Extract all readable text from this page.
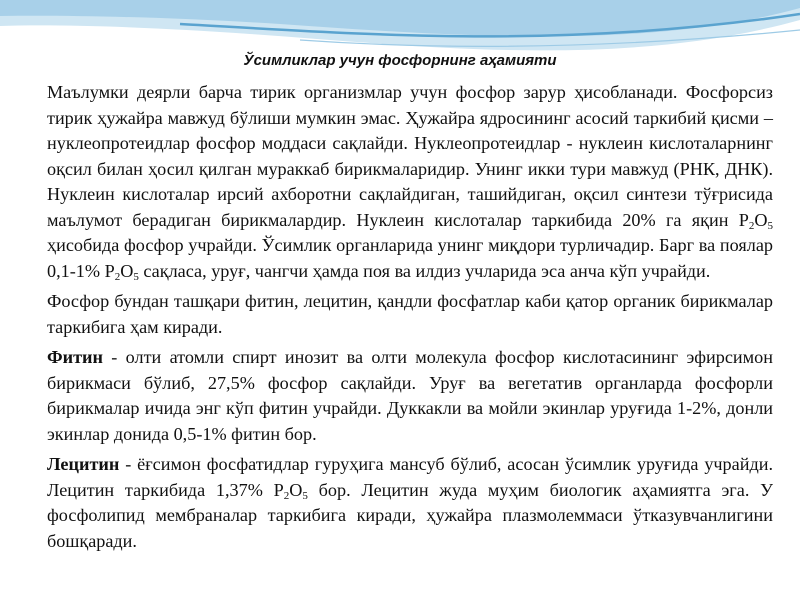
Ўсимликлар учун фосфорнинг аҳамияти

Маълумки деярли барча тирик организмлар учун фосфор зарур ҳисобланади. Фосфорсиз тирик ҳужайра мавжуд бўлиши мумкин эмас. Ҳужайра ядросининг асосий таркибий қисми – нуклеопротеидлар фосфор моддаси сақлайди. Нуклеопротеидлар - нуклеин кислоталарнинг оқсил билан ҳосил қилган мураккаб бирикмаларидир. Унинг икки тури мавжуд (РНК, ДНК). Нуклеин кислоталар ирсий ахборотни сақлайдиган, ташийдиган, оқсил синтези тўғрисида маълумот берадиган бирикмалардир. Нуклеин кислоталар таркибида 20% га яқин $P_2O_5$ ҳисобида фосфор учрайди. Ўсимлик органларида унинг миқдори турличадир. Барг ва поялар 0,1-1% $P_2O_5$ сақласа, уруғ, чангчи ҳамда поя ва илдиз учларида эса анча кўп учрайди.

Фосфор бундан ташқари фитин, лецитин, қандли фосфатлар каби қатор органик бирикмалар таркибига ҳам киради.

Фитин - олти атомли спирт инозит ва олти молекула фосфор кислотасининг эфирсимон бирикмаси бўлиб, 27,5% фосфор сақлайди. Уруғ ва вегетатив органларда фосфорли бирикмалар ичида энг кўп фитин учрайди. Дуккакли ва мойли экинлар уруғида 1-2%, донли экинлар донида 0,5-1% фитин бор.

Лецитин - ёғсимон фосфатидлар гуруҳига мансуб бўлиб, асосан ўсимлик уруғида учрайди. Лецитин таркибида 1,37% $P_2O_5$ бор. Лецитин жуда муҳим биологик аҳамиятга эга. У фосфолипид мембраналар таркибига киради, ҳужайра плазмолеммаси ўтказувчанлигини бошқаради.
